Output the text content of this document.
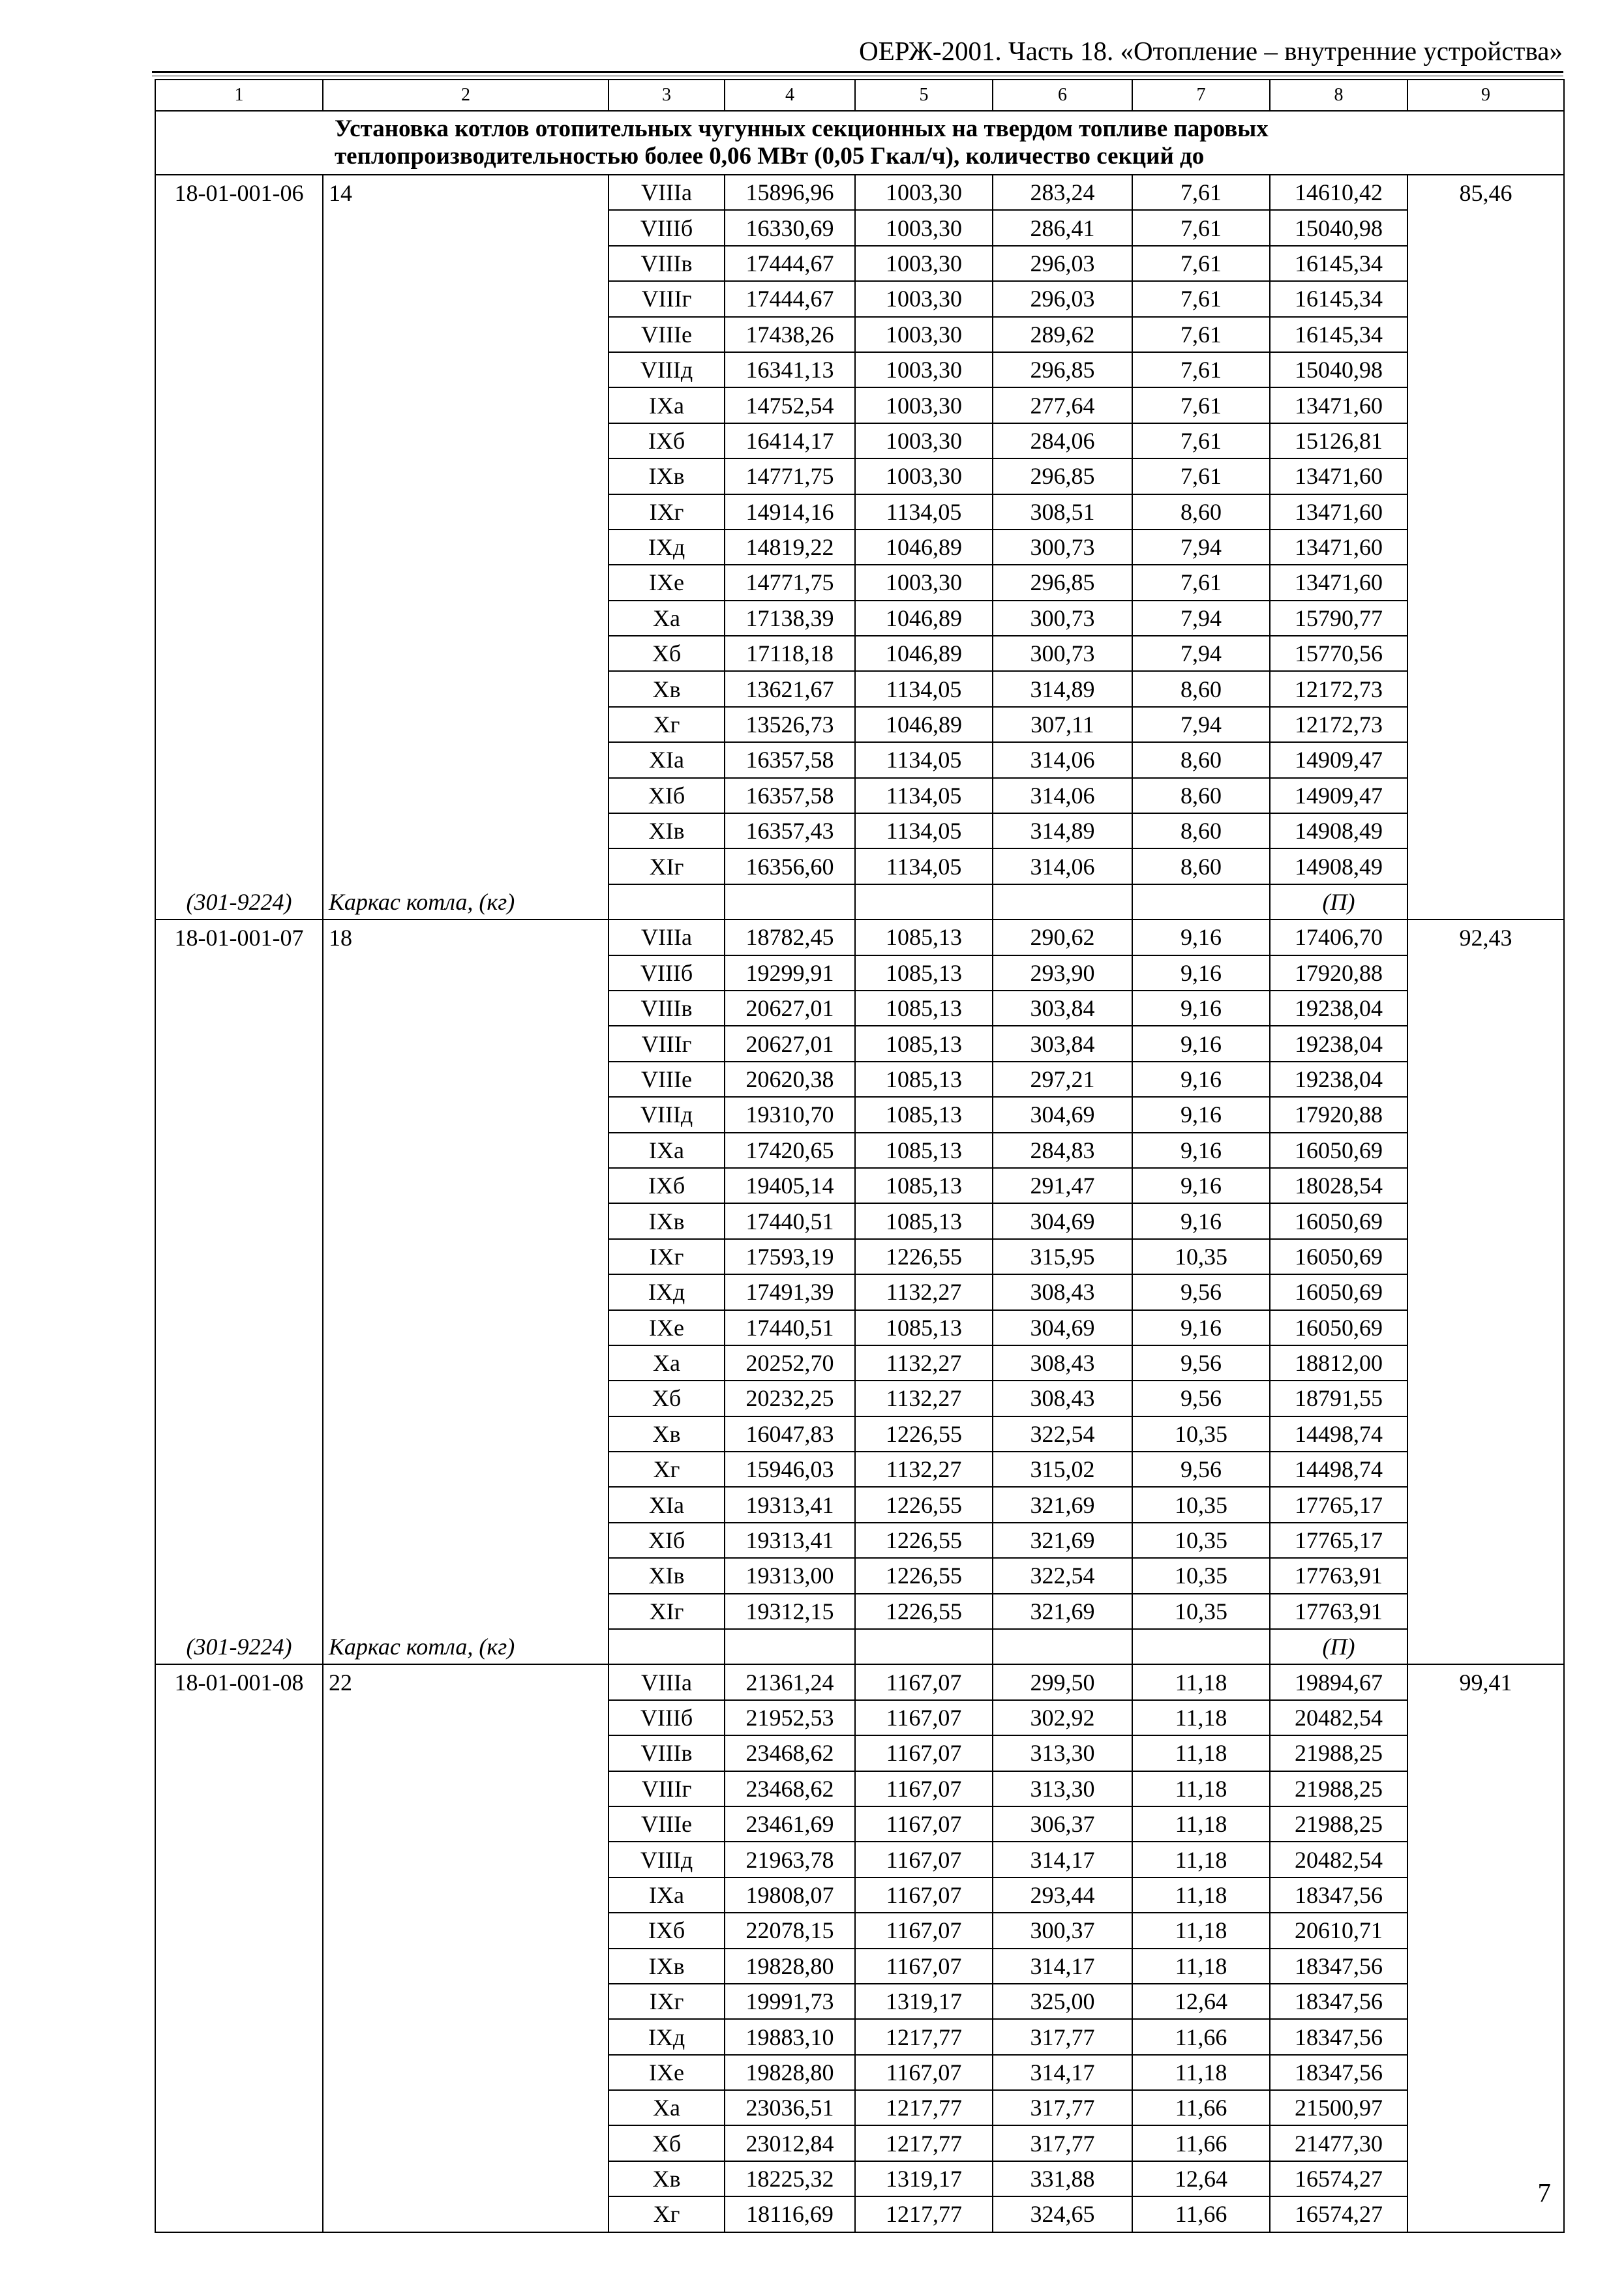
ОЕРЖ-2001. Часть 18. «Отопление – внутренние устройства»
1	2	3	4	5	6	7	8	9
Установка котлов отопительных чугунных секционных на твердом топливе паровых теплопроизводительностью более 0,06 МВт (0,05 Гкал/ч), количество секций до								
18-01-001-06	14	VIIIа	15896,96	1003,30	283,24	7,61	14610,42	85,46
		VIIIб	16330,69	1003,30	286,41	7,61	15040,98	
		VIIIв	17444,67	1003,30	296,03	7,61	16145,34	
		VIIIг	17444,67	1003,30	296,03	7,61	16145,34	
		VIIIе	17438,26	1003,30	289,62	7,61	16145,34	
		VIIIд	16341,13	1003,30	296,85	7,61	15040,98	
		IXа	14752,54	1003,30	277,64	7,61	13471,60	
		IXб	16414,17	1003,30	284,06	7,61	15126,81	
		IXв	14771,75	1003,30	296,85	7,61	13471,60	
		IXг	14914,16	1134,05	308,51	8,60	13471,60	
		IXд	14819,22	1046,89	300,73	7,94	13471,60	
		IXе	14771,75	1003,30	296,85	7,61	13471,60	
		Xа	17138,39	1046,89	300,73	7,94	15790,77	
		Xб	17118,18	1046,89	300,73	7,94	15770,56	
		Xв	13621,67	1134,05	314,89	8,60	12172,73	
		Xг	13526,73	1046,89	307,11	7,94	12172,73	
		XIа	16357,58	1134,05	314,06	8,60	14909,47	
		XIб	16357,58	1134,05	314,06	8,60	14909,47	
		XIв	16357,43	1134,05	314,89	8,60	14908,49	
		XIг	16356,60	1134,05	314,06	8,60	14908,49	
(301-9224)	Каркас котла, (кг)						(П)	
18-01-001-07	18	VIIIа	18782,45	1085,13	290,62	9,16	17406,70	92,43
		VIIIб	19299,91	1085,13	293,90	9,16	17920,88	
		VIIIв	20627,01	1085,13	303,84	9,16	19238,04	
		VIIIг	20627,01	1085,13	303,84	9,16	19238,04	
		VIIIе	20620,38	1085,13	297,21	9,16	19238,04	
		VIIIд	19310,70	1085,13	304,69	9,16	17920,88	
		IXа	17420,65	1085,13	284,83	9,16	16050,69	
		IXб	19405,14	1085,13	291,47	9,16	18028,54	
		IXв	17440,51	1085,13	304,69	9,16	16050,69	
		IXг	17593,19	1226,55	315,95	10,35	16050,69	
		IXд	17491,39	1132,27	308,43	9,56	16050,69	
		IXе	17440,51	1085,13	304,69	9,16	16050,69	
		Xа	20252,70	1132,27	308,43	9,56	18812,00	
		Xб	20232,25	1132,27	308,43	9,56	18791,55	
		Xв	16047,83	1226,55	322,54	10,35	14498,74	
		Xг	15946,03	1132,27	315,02	9,56	14498,74	
		XIа	19313,41	1226,55	321,69	10,35	17765,17	
		XIб	19313,41	1226,55	321,69	10,35	17765,17	
		XIв	19313,00	1226,55	322,54	10,35	17763,91	
		XIг	19312,15	1226,55	321,69	10,35	17763,91	
(301-9224)	Каркас котла, (кг)						(П)	
18-01-001-08	22	VIIIа	21361,24	1167,07	299,50	11,18	19894,67	99,41
		VIIIб	21952,53	1167,07	302,92	11,18	20482,54	
		VIIIв	23468,62	1167,07	313,30	11,18	21988,25	
		VIIIг	23468,62	1167,07	313,30	11,18	21988,25	
		VIIIе	23461,69	1167,07	306,37	11,18	21988,25	
		VIIIд	21963,78	1167,07	314,17	11,18	20482,54	
		IXа	19808,07	1167,07	293,44	11,18	18347,56	
		IXб	22078,15	1167,07	300,37	11,18	20610,71	
		IXв	19828,80	1167,07	314,17	11,18	18347,56	
		IXг	19991,73	1319,17	325,00	12,64	18347,56	
		IXд	19883,10	1217,77	317,77	11,66	18347,56	
		IXе	19828,80	1167,07	314,17	11,18	18347,56	
		Xа	23036,51	1217,77	317,77	11,66	21500,97	
		Xб	23012,84	1217,77	317,77	11,66	21477,30	
		Xв	18225,32	1319,17	331,88	12,64	16574,27	
		Xг	18116,69	1217,77	324,65	11,66	16574,27	
7
